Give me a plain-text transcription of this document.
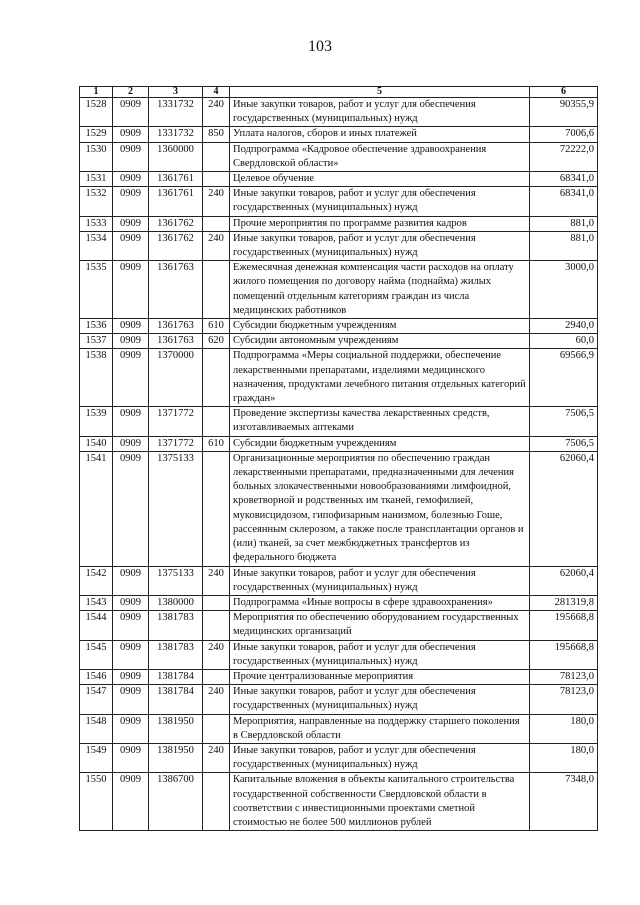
103
1	2	3	4	5	6
1528	0909	1331732	240	Иные закупки товаров, работ и услуг для обеспечения государственных (муниципальных) нужд	90355,9
1529	0909	1331732	850	Уплата налогов, сборов и иных платежей	7006,6
1530	0909	1360000		Подпрограмма «Кадровое обеспечение здравоохранения Свердловской области»	72222,0
1531	0909	1361761		Целевое обучение	68341,0
1532	0909	1361761	240	Иные закупки товаров, работ и услуг для обеспечения государственных (муниципальных) нужд	68341,0
1533	0909	1361762		Прочие мероприятия по программе развития кадров	881,0
1534	0909	1361762	240	Иные закупки товаров, работ и услуг для обеспечения государственных (муниципальных) нужд	881,0
1535	0909	1361763		Ежемесячная денежная компенсация части расходов на оплату жилого помещения по договору найма (поднайма) жилых помещений отдельным категориям граждан из числа медицинских работников	3000,0
1536	0909	1361763	610	Субсидии бюджетным учреждениям	2940,0
1537	0909	1361763	620	Субсидии автономным учреждениям	60,0
1538	0909	1370000		Подпрограмма «Меры социальной поддержки, обеспечение лекарственными препаратами, изделиями медицинского назначения, продуктами лечебного питания отдельных категорий граждан»	69566,9
1539	0909	1371772		Проведение экспертизы качества лекарственных средств, изготавливаемых аптеками	7506,5
1540	0909	1371772	610	Субсидии бюджетным учреждениям	7506,5
1541	0909	1375133		Организационные мероприятия по обеспечению граждан лекарственными препаратами, предназначенными для лечения больных злокачественными новообразованиями лимфоидной, кроветворной и родственных им тканей, гемофилией, муковисцидозом, гипофизарным нанизмом, болезнью Гоше, рассеянным склерозом, а также после трансплантации органов и (или) тканей, за счет межбюджетных трансфертов из федерального бюджета	62060,4
1542	0909	1375133	240	Иные закупки товаров, работ и услуг для обеспечения государственных (муниципальных) нужд	62060,4
1543	0909	1380000		Подпрограмма «Иные вопросы в сфере здравоохранения»	281319,8
1544	0909	1381783		Мероприятия по обеспечению оборудованием государственных медицинских организаций	195668,8
1545	0909	1381783	240	Иные закупки товаров, работ и услуг для обеспечения государственных (муниципальных) нужд	195668,8
1546	0909	1381784		Прочие централизованные мероприятия	78123,0
1547	0909	1381784	240	Иные закупки товаров, работ и услуг для обеспечения государственных (муниципальных) нужд	78123,0
1548	0909	1381950		Мероприятия, направленные на поддержку старшего поколения в Свердловской области	180,0
1549	0909	1381950	240	Иные закупки товаров, работ и услуг для обеспечения государственных (муниципальных) нужд	180,0
1550	0909	1386700		Капитальные вложения в объекты капитального строительства государственной собственности Свердловской области в соответствии с инвестиционными проектами сметной стоимостью не более 500 миллионов рублей	7348,0
